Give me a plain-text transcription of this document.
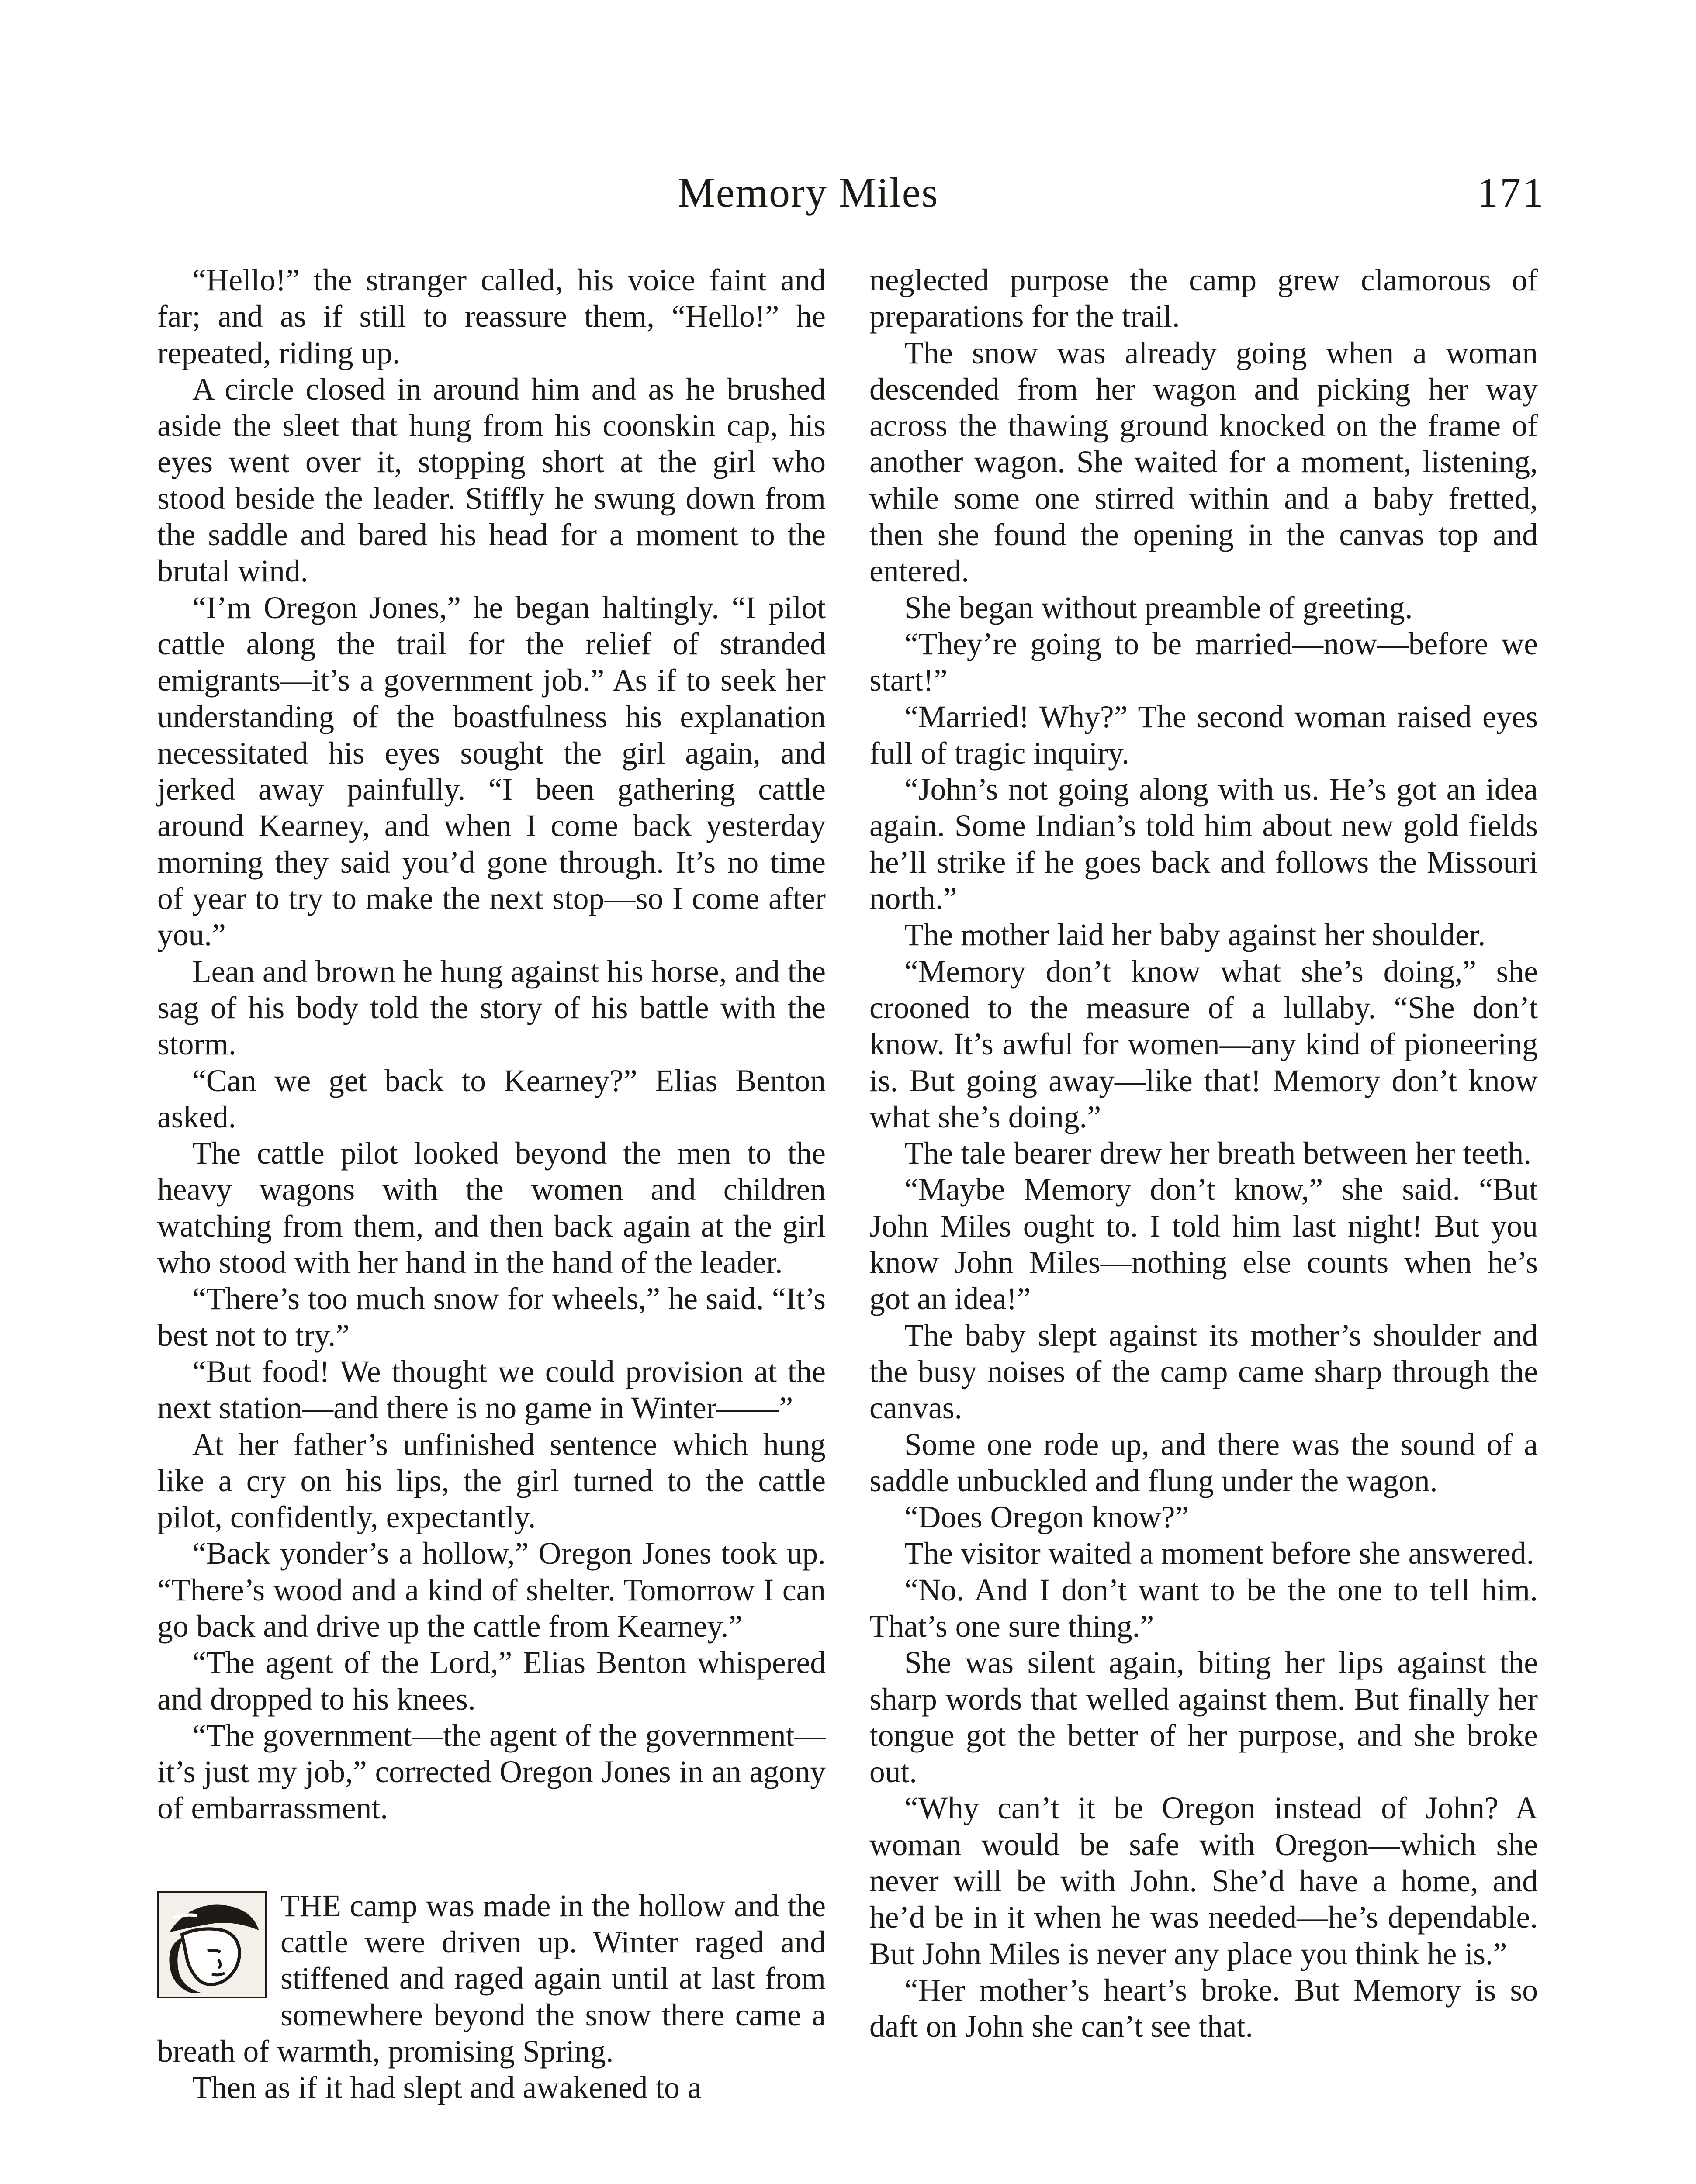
Memory Miles	171

“Hello!” the stranger called, his voice faint and far; and as if still to reassure them, “Hello!” he repeated, riding up.

A circle closed in around him and as he brushed aside the sleet that hung from his coonskin cap, his eyes went over it, stopping short at the girl who stood beside the leader. Stiffly he swung down from the saddle and bared his head for a moment to the brutal wind.

“I’m Oregon Jones,” he began haltingly. “I pilot cattle along the trail for the relief of stranded emigrants—it’s a government job.” As if to seek her understanding of the boastfulness his explanation necessitated his eyes sought the girl again, and jerked away painfully. “I been gathering cattle around Kearney, and when I come back yesterday morning they said you’d gone through. It’s no time of year to try to make the next stop—so I come after you.”

Lean and brown he hung against his horse, and the sag of his body told the story of his battle with the storm.

“Can we get back to Kearney?” Elias Benton asked.

The cattle pilot looked beyond the men to the heavy wagons with the women and children watching from them, and then back again at the girl who stood with her hand in the hand of the leader.

“There’s too much snow for wheels,” he said. “It’s best not to try.”

“But food! We thought we could provision at the next station—and there is no game in Winter——”

At her father’s unfinished sentence which hung like a cry on his lips, the girl turned to the cattle pilot, confidently, expectantly.

“Back yonder’s a hollow,” Oregon Jones took up. “There’s wood and a kind of shelter. Tomorrow I can go back and drive up the cattle from Kearney.”

“The agent of the Lord,” Elias Benton whispered and dropped to his knees.

“The government—the agent of the government—it’s just my job,” corrected Oregon Jones in an agony of embarrassment.

THE camp was made in the hollow and the cattle were driven up. Winter raged and stiffened and raged again until at last from somewhere beyond the snow there came a breath of warmth, promising Spring.

Then as if it had slept and awakened to a

neglected purpose the camp grew clamorous of preparations for the trail.

The snow was already going when a woman descended from her wagon and picking her way across the thawing ground knocked on the frame of another wagon. She waited for a moment, listening, while some one stirred within and a baby fretted, then she found the opening in the canvas top and entered.

She began without preamble of greeting.

“They’re going to be married—now—before we start!”

“Married! Why?” The second woman raised eyes full of tragic inquiry.

“John’s not going along with us. He’s got an idea again. Some Indian’s told him about new gold fields he’ll strike if he goes back and follows the Missouri north.”

The mother laid her baby against her shoulder.

“Memory don’t know what she’s doing,” she crooned to the measure of a lullaby. “She don’t know. It’s awful for women—any kind of pioneering is. But going away—like that! Memory don’t know what she’s doing.”

The tale bearer drew her breath between her teeth.

“Maybe Memory don’t know,” she said. “But John Miles ought to. I told him last night! But you know John Miles—nothing else counts when he’s got an idea!”

The baby slept against its mother’s shoulder and the busy noises of the camp came sharp through the canvas.

Some one rode up, and there was the sound of a saddle unbuckled and flung under the wagon.

“Does Oregon know?”

The visitor waited a moment before she answered.

“No. And I don’t want to be the one to tell him. That’s one sure thing.”

She was silent again, biting her lips against the sharp words that welled against them. But finally her tongue got the better of her purpose, and she broke out.

“Why can’t it be Oregon instead of John? A woman would be safe with Oregon—which she never will be with John. She’d have a home, and he’d be in it when he was needed—he’s dependable. But John Miles is never any place you think he is.”

“Her mother’s heart’s broke. But Memory is so daft on John she can’t see that.
